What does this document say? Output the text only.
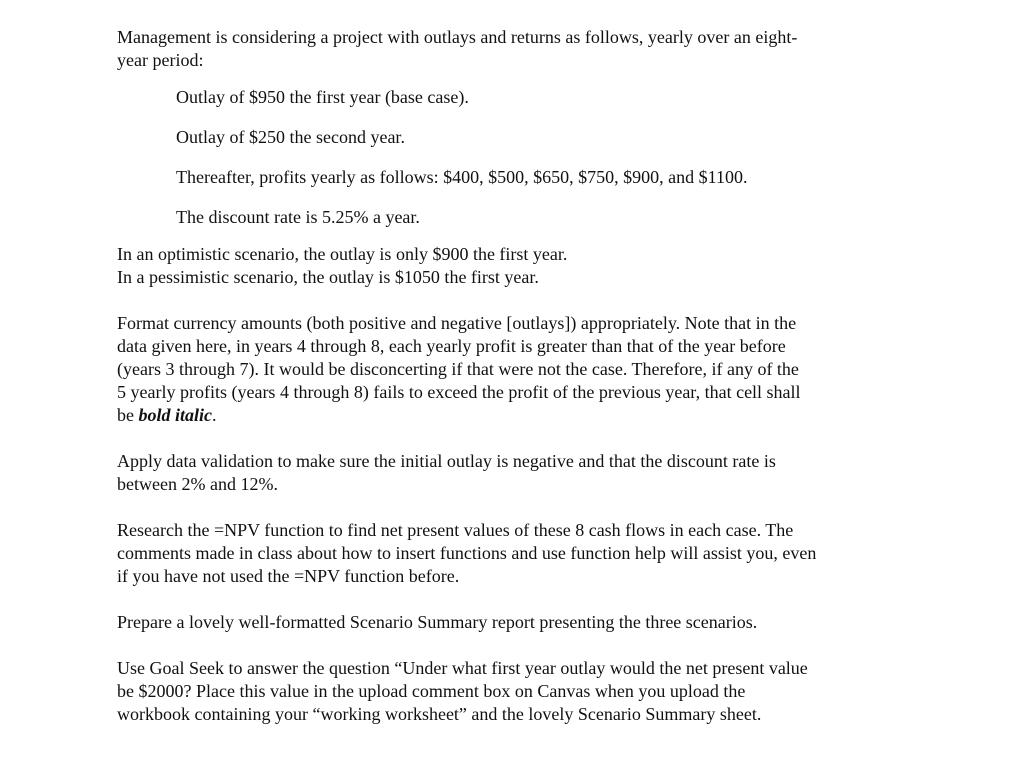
Management is considering a project with outlays and returns as follows, yearly over an eight-

year period:

Outlay of $950 the first year (base case).

Outlay of $250 the second year.

Thereafter, profits yearly as follows: $400, $500, $650, $750, $900, and $1100.

The discount rate is 5.25% a year.

In an optimistic scenario, the outlay is only $900 the first year.

In a pessimistic scenario, the outlay is $1050 the first year.

Format currency amounts (both positive and negative [outlays]) appropriately. Note that in the

data given here, in years 4 through 8, each yearly profit is greater than that of the year before

(years 3 through 7). It would be disconcerting if that were not the case. Therefore, if any of the

5 yearly profits (years 4 through 8) fails to exceed the profit of the previous year, that cell shall

be bold italic.

Apply data validation to make sure the initial outlay is negative and that the discount rate is

between 2% and 12%.

Research the =NPV function to find net present values of these 8 cash flows in each case. The

comments made in class about how to insert functions and use function help will assist you, even

if you have not used the =NPV function before.

Prepare a lovely well-formatted Scenario Summary report presenting the three scenarios.

Use Goal Seek to answer the question “Under what first year outlay would the net present value

be $2000? Place this value in the upload comment box on Canvas when you upload the

workbook containing your “working worksheet” and the lovely Scenario Summary sheet.
